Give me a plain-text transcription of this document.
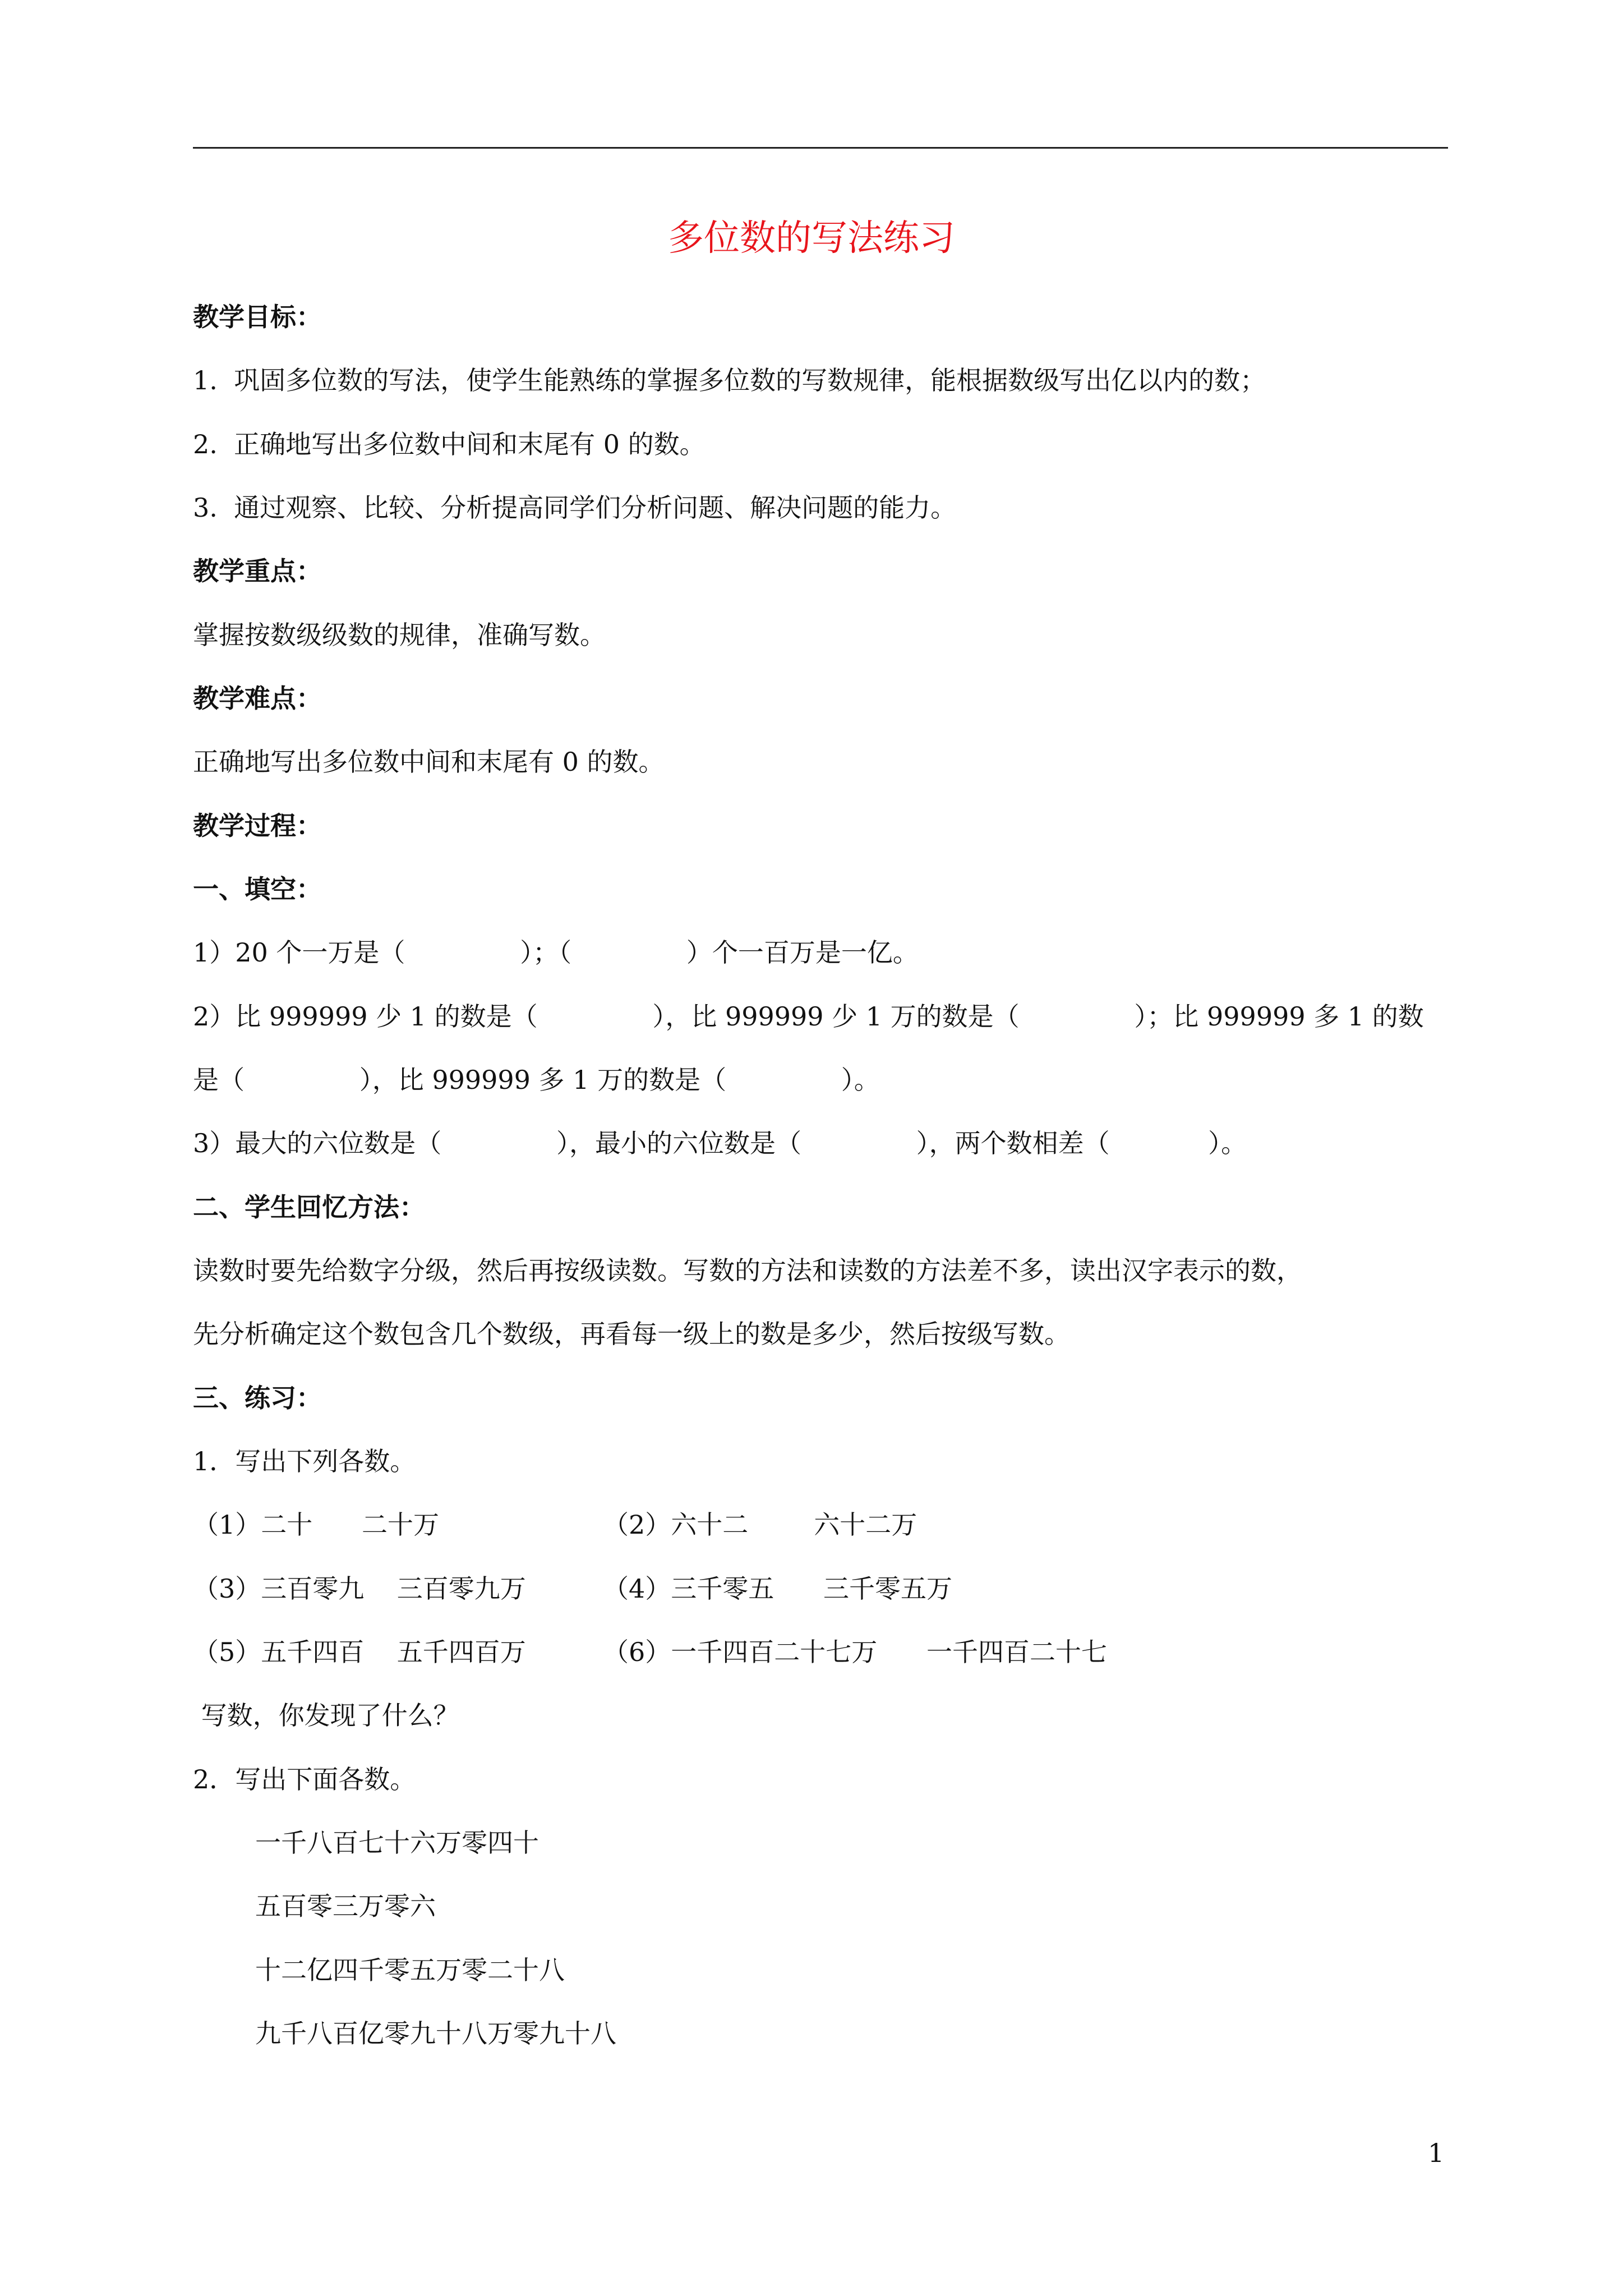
多位数的写法练习
教学目标：
1.  巩固多位数的写法，使学生能熟练的掌握多位数的写数规律，能根据数级写出亿以内的数；
2.  正确地写出多位数中间和末尾有 0 的数。
3.  通过观察、比较、分析提高同学们分析问题、解决问题的能力。
教学重点：
掌握按数级级数的规律，准确写数。
教学难点：
正确地写出多位数中间和末尾有 0 的数。
教学过程：
一、填空：
1）20 个一万是（              ）；（              ）个一百万是一亿。
2）比 999999 少 1 的数是（              ），比 999999 少 1 万的数是（              ）；比 999999 多 1 的数
是（              ），比 999999 多 1 万的数是（              ）。
3）最大的六位数是（              ），最小的六位数是（              ），两个数相差（            ）。
二、学生回忆方法：
读数时要先给数字分级，然后再按级读数。写数的方法和读数的方法差不多，读出汉字表示的数，
先分析确定这个数包含几个数级，再看每一级上的数是多少，然后按级写数。
三、练习：
1．写出下列各数。
（1）二十      二十万	（2）六十二        六十二万
（3）三百零九    三百零九万	（4）三千零五      三千零五万
（5）五千四百    五千四百万	（6）一千四百二十七万      一千四百二十七
写数，你发现了什么？
2．写出下面各数。
一千八百七十六万零四十
五百零三万零六
十二亿四千零五万零二十八
九千八百亿零九十八万零九十八
1
